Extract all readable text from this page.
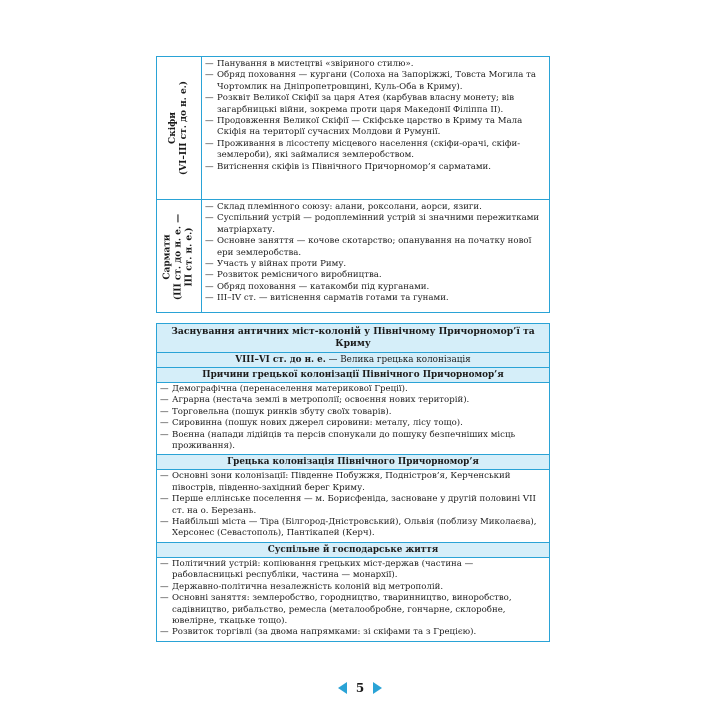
Скіфи (VI–III ст. до н. е.)
— Панування в мистецтві «звіриного стилю».
— Обряд поховання — кургани (Солоха на Запоріжжі, Товста Могила та Чортомлик на Дніпропетровщині, Куль-Оба в Криму).
— Розквіт Великої Скіфії за царя Атея (карбував власну монету; вів загарбницькі війни, зокрема проти царя Македонії Філіппа ІІ).
— Продовження Великої Скіфії — Скіфське царство в Криму та Мала Скіфія на території сучасних Молдови й Румунії.
— Проживання в лісостепу місцевого населення (скіфи-орачі, скіфи-землероби), які займалися землеробством.
— Витіснення скіфів із Північного Причорномор’я сарматами.
Сармати (ІІІ ст. до н. е. — ІІІ ст. н. е.)
— Склад племінного союзу: алани, роксолани, аорси, язиги.
— Суспільний устрій — родоплемінний устрій зі значними пережитками матріархату.
— Основне заняття — кочове скотарство; опанування на початку нової ери землеробства.
— Участь у війнах проти Риму.
— Розвиток ремісничого виробництва.
— Обряд поховання — катакомби під курганами.
— ІІІ–IV ст. — витіснення сарматів готами та гунами.
Заснування античних міст-колоній у Північному Причорномор’ї та Криму
VIII–VI ст. до н. е. — Велика грецька колонізація
Причини грецької колонізації Північного Причорномор’я
— Демографічна (перенаселення материкової Греції).
— Аграрна (нестача землі в метрополії; освоєння нових територій).
— Торговельна (пошук ринків збуту своїх товарів).
— Сировинна (пошук нових джерел сировини: металу, лісу тощо).
— Воєнна (напади лідійців та персів спонукали до пошуку безпечніших місць проживання).
Грецька колонізація Північного Причорномор’я
— Основні зони колонізації: Південне Побужжя, Подністров’я, Керченський півострів, південно-західний берег Криму.
— Перше еллінське поселення — м. Борисфеніда, засноване у другій половині VII ст. на о. Березань.
— Найбільші міста — Тіра (Білгород-Дністровський), Ольвія (поблизу Миколаєва), Херсонес (Севастополь), Пантікапей (Керч).
Суспільне й господарське життя
— Політичний устрій: копіювання грецьких міст-держав (частина — рабовласницькі республіки, частина — монархії).
— Державно-політична незалежність колоній від метрополій.
— Основні заняття: землеробство, городництво, тваринництво, виноробство, садівництво, рибальство, ремесла (металообробне, гончарне, склоробне, ювелірне, ткацьке тощо).
— Розвиток торгівлі (за двома напрямками: зі скіфами та з Грецією).
5
